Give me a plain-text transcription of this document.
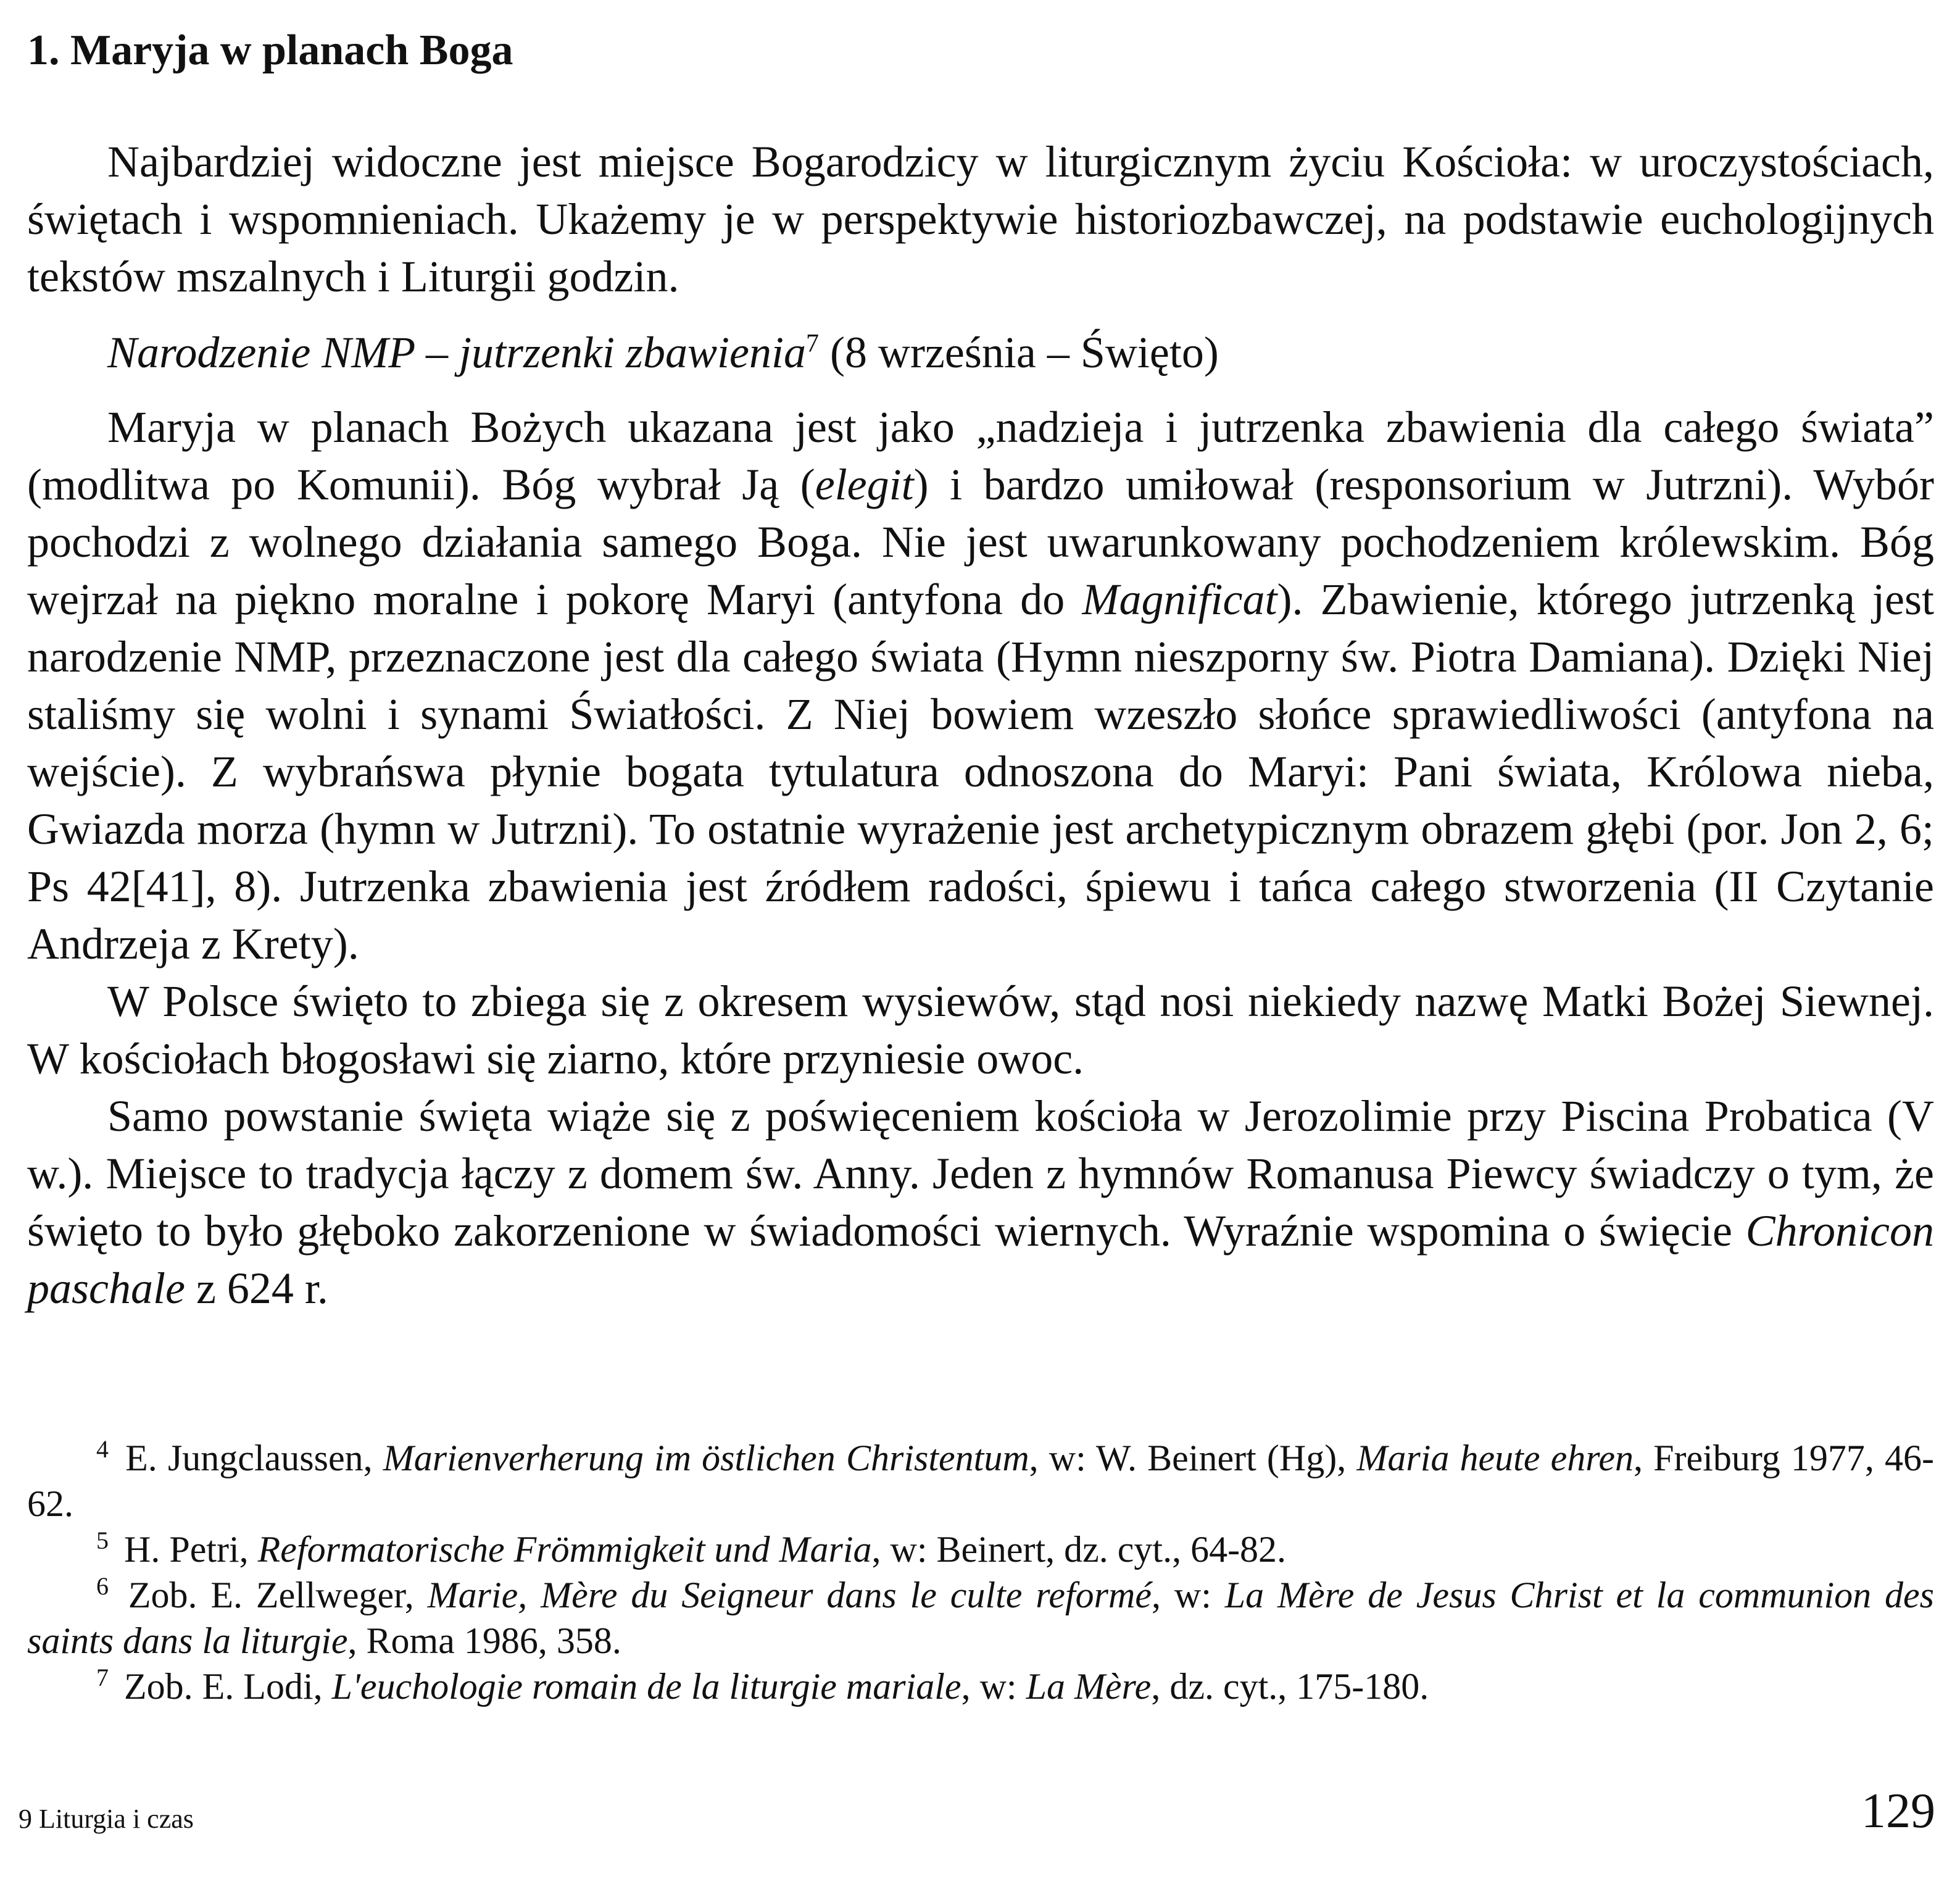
1. Maryja w planach Boga

Najbardziej widoczne jest miejsce Bogarodzicy w liturgicznym życiu Kościoła: w uroczystościach, świętach i wspomnieniach. Ukażemy je w perspektywie historiozbawczej, na podstawie euchologijnych tekstów mszalnych i Liturgii godzin.

Narodzenie NMP – jutrzenki zbawienia$^7$ (8 września – Święto)

Maryja w planach Bożych ukazana jest jako „nadzieja i jutrzenka zbawienia dla całego świata” (modlitwa po Komunii). Bóg wybrał Ją (elegit) i bardzo umiłował (responsorium w Jutrzni). Wybór pochodzi z wolnego działania samego Boga. Nie jest uwarunkowany pochodzeniem królewskim. Bóg wejrzał na piękno moralne i pokorę Maryi (antyfona do Magnificat). Zbawienie, którego jutrzenką jest narodzenie NMP, przeznaczone jest dla całego świata (Hymn nieszporny św. Piotra Damiana). Dzięki Niej staliśmy się wolni i synami Światłości. Z Niej bowiem wzeszło słońce sprawiedliwości (antyfona na wejście). Z wybrańswa płynie bogata tytulatura odnoszona do Maryi: Pani świata, Królowa nieba, Gwiazda morza (hymn w Jutrzni). To ostatnie wyrażenie jest archetypicznym obrazem głębi (por. Jon 2, 6; Ps 42[41], 8). Jutrzenka zbawienia jest źródłem radości, śpiewu i tańca całego stworzenia (II Czytanie Andrzeja z Krety).

W Polsce święto to zbiega się z okresem wysiewów, stąd nosi niekiedy nazwę Matki Bożej Siewnej. W kościołach błogosławi się ziarno, które przyniesie owoc.

Samo powstanie święta wiąże się z poświęceniem kościoła w Jerozolimie przy Piscina Probatica (V w.). Miejsce to tradycja łączy z domem św. Anny. Jeden z hymnów Romanusa Piewcy świadczy o tym, że święto to było głęboko zakorzenione w świadomości wiernych. Wyraźnie wspomina o święcie Chronicon paschale z 624 r.

$^4$ E. Jungclaussen, Marienverherung im östlichen Christentum, w: W. Beinert (Hg), Maria heute ehren, Freiburg 1977, 46-62.

$^5$ H. Petri, Reformatorische Frömmigkeit und Maria, w: Beinert, dz. cyt., 64-82.

$^6$ Zob. E. Zellweger, Marie, Mère du Seigneur dans le culte reformé, w: La Mère de Jesus Christ et la communion des saints dans la liturgie, Roma 1986, 358.

$^7$ Zob. E. Lodi, L'euchologie romain de la liturgie mariale, w: La Mère, dz. cyt., 175-180.

9 Liturgia i czas	129
